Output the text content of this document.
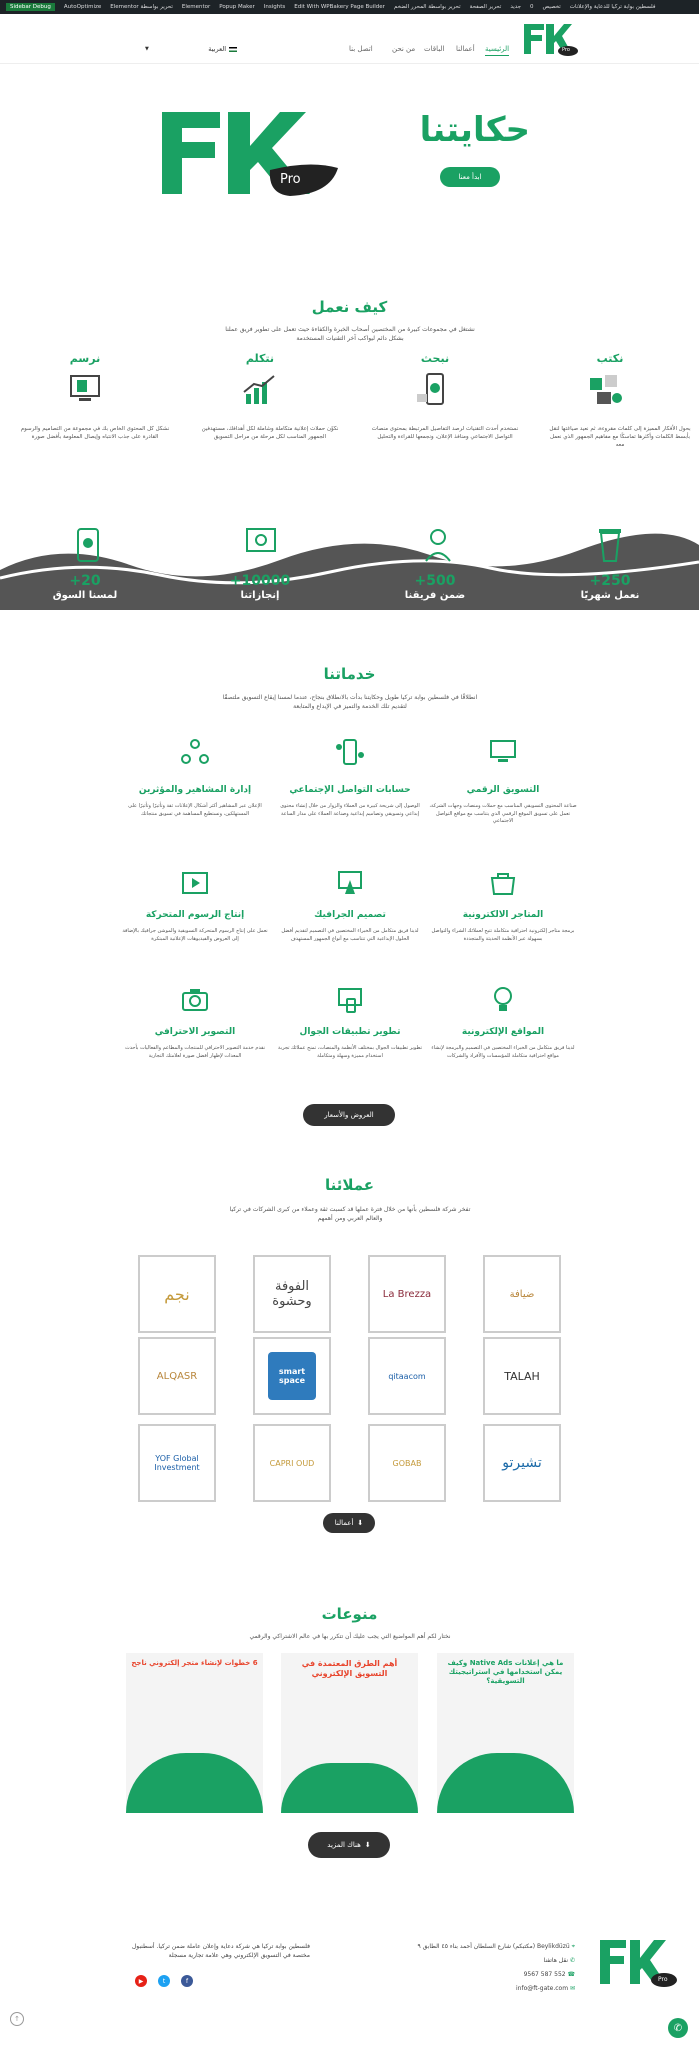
فلسطين بوابة تركيا للدعاية والإعلانات
تخصيص
0
جديد
تحرير الصفحة
تحرير بواسطة المحرر الضخم
Edit With WPBakery Page Builder
Insights
Popup Maker
Elementor
تحرير بواسطة Elementor
AutoOptimize
Sidebar Debug
Pro
الرئيسية
أعمالنا
الباقات
من نحن
اتصل بنا
العربية
▼
حكايتنا
ابدأ معنا
Pro
كيف نعمل
نشتغل في مجموعات كبيرة من المختصين أصحاب الخبرة والكفاءة حيث تعمل على تطوير فريق عملنا بشكل دائم ليواكب آخر التقنيات المستخدمة
نكتب
نبحث
نتكلم
نرسم
بحول الأفكار المميزة إلى كلمات مقروءة، ثم نعيد صياغتها لنقل بأبسط الكلمات وأكثرها تماسكًا مع مفاهيم الجمهور الذي نعمل معه
نستخدم أحدث التقنيات لرصد التفاصيل المرتبطة بمحتوى منصات التواصل الاجتماعي ومنافذ الإعلان، ونجمعها للقراءة والتحليل
نكوّن حملات إعلانية متكاملة وشاملة لكل أهدافك، مستهدفين الجمهور المناسب لكل مرحلة من مراحل التسويق
نشكل كل المحتوى الخاص بك في مجموعة من التصاميم والرسوم القادرة على جذب الانتباه وإيصال المعلومة بأفضل صورة
+250
+500
+10000
+20
نعمل شهريًا
ضمن فريقنا
إنجازاتنا
لمسنا السوق
خدماتنا
انطلاقًا في فلسطين بوابة تركيا طويل وحكايتنا بدأت بالانطلاق بنجاح، عندما لمسنا إيقاع التسويق ملتصقًا لتقديم تلك الخدمة والتميز في الإبداع والمتابعة
التسويق الرقمي
حسابات التواصل الإجتماعي
إدارة المشاهير والمؤثرين
صناعة المحتوى التسويقي المناسب مع حملات ومنصات وجهات الشركة، تعمل على تسويق الموقع الرقمي الذي يتناسب مع مواقع التواصل الاجتماعي
الوصول إلى شريحة كبيرة من العملاء والزوار من خلال إنشاء محتوى إبداعي وتسويقي وتصاميم إبداعية وصناعة العملاء على مدار الساعة
الإعلان عبر المشاهير أكثر أشكال الإعلانات ثقة وتأثيرًا وتأثيرًا على المستهلكين، ونستطيع المساهمة في تسويق منتجاتك
المتاجر الالكترونية
تصميم الجرافيك
إنتاج الرسوم المتحركة
برمجة متاجر إلكترونية احترافية متكاملة تتيح لعملائك الشراء والتواصل بسهولة عبر الأنظمة الحديثة والمتجددة
لدينا فريق متكامل من الخبراء المختصين في التصميم لتقديم أفضل الحلول الإبداعية التي تتناسب مع أنواع الجمهور المستهدف
نعمل على إنتاج الرسوم المتحركة التسويقية والموشن جرافيك بالإضافة إلى العروض والفيديوهات الإعلانية المبتكرة
المواقع الإلكترونية
تطوير تطبيقات الجوال
التصوير الاحترافي
لدينا فريق متكامل من الخبراء المختصين في التصميم والبرمجة لإنشاء مواقع احترافية متكاملة للمؤسسات والأفراد والشركات
تطوير تطبيقات الجوال بمختلف الأنظمة والمنصات، تمنح عملائك تجربة استخدام مميزة وسهلة ومتكاملة
نقدم خدمة التصوير الاحترافي للمنتجات والمطاعم والفعاليات بأحدث المعدات لإظهار أفضل صورة لعلامتك التجارية
العروض والأسعار
عملائنا
تفخر شركة فلسطين بأنها من خلال فترة عملها قد كسبت ثقة وعملاء من كبرى الشركات في تركيا والعالم العربي ومن أهمهم
ضيافة
La Brezza
الفوفة وحشوة
نجم
TALAH
qitaacom
smart space
ALQASR
تشيرتو
GOBAB
CAPRI OUD
YOF Global Investment
⬇
أعمالنا
منوعات
نختار لكم أهم المواضيع التي يجب عليك أن تتكرر بها في عالم الاشتراكي والرقمي
ما هي إعلانات Native Ads وكيف يمكن استخدامها في استراتيجيتك التسويقية؟
أهم الطرق المعتمدة في التسويق الإلكتروني
6 خطوات لإنشاء متجر إلكتروني ناجح
⬇
هناك المزيد
Pro
⌖ Beylikdüzü (مكتبكم) شارع السلطان أحمد بناء ٤٥ الطابق ٩
✆ نقل هاتفنا
☎ 552 587 9567
✉ info@ft-gate.com
فلسطين بوابة تركيا هي شركة دعاية وإعلان عاملة ضمن تركيا. أسطنبول مختصة في التسويق الإلكتروني وهي علامة تجارية مسجلة
f
t
▶
↑
✆
